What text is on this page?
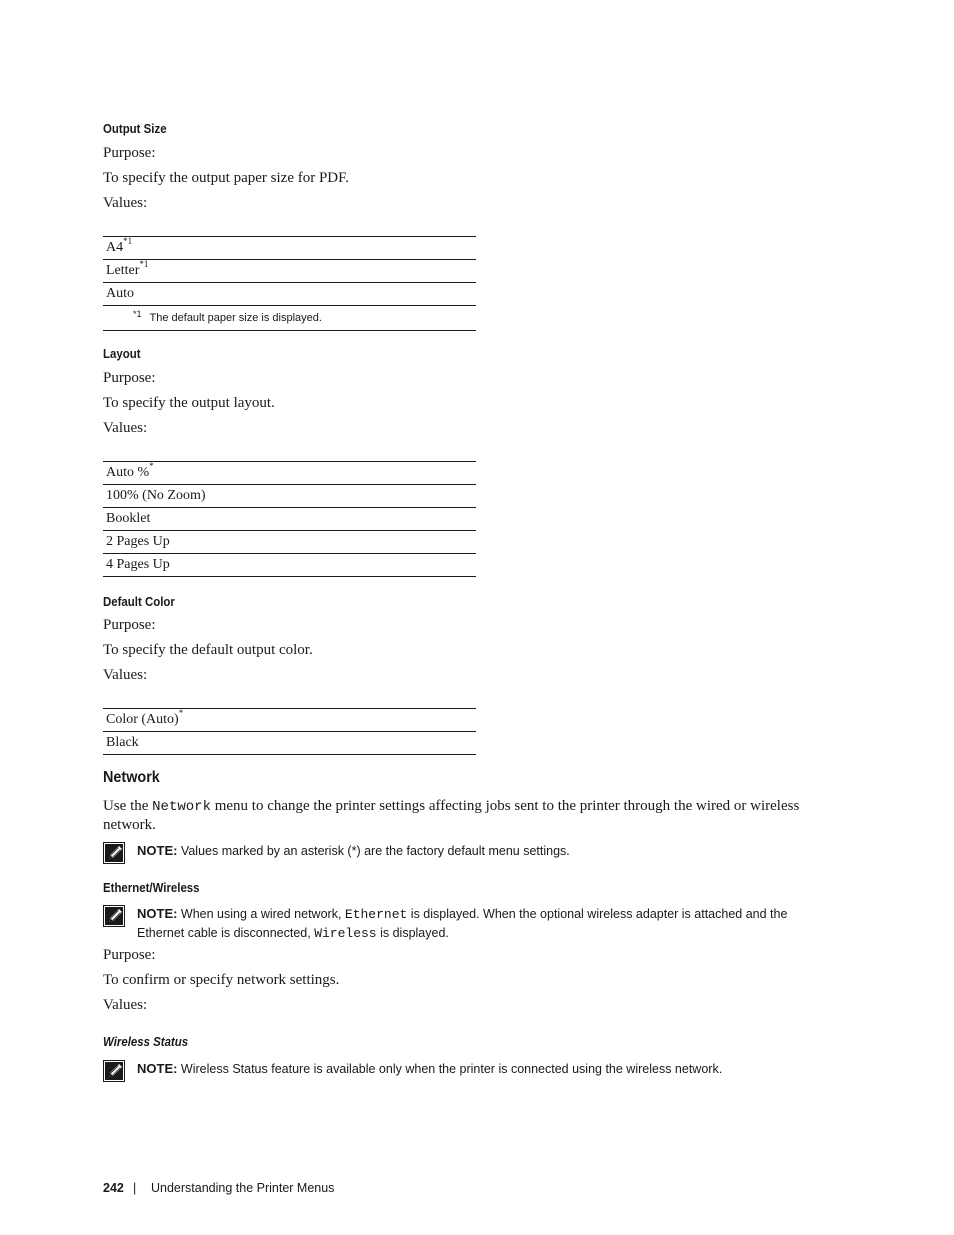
Output Size
Purpose:
To specify the output paper size for PDF.
Values:
A4$^{*1}$
Letter$^{*1}$
Auto
$^{*1}$ The default paper size is displayed.
Layout
Purpose:
To specify the output layout.
Values:
Auto %*
100% (No Zoom)
Booklet
2 Pages Up
4 Pages Up
Default Color
Purpose:
To specify the default output color.
Values:
Color (Auto)*
Black
Network
Use the Network menu to change the printer settings affecting jobs sent to the printer through the wired or wireless network.
NOTE: Values marked by an asterisk (*) are the factory default menu settings.
Ethernet/Wireless
NOTE: When using a wired network, Ethernet is displayed. When the optional wireless adapter is attached and the Ethernet cable is disconnected, Wireless is displayed.
Purpose:
To confirm or specify network settings.
Values:
Wireless Status
NOTE: Wireless Status feature is available only when the printer is connected using the wireless network.
242 | Understanding the Printer Menus
